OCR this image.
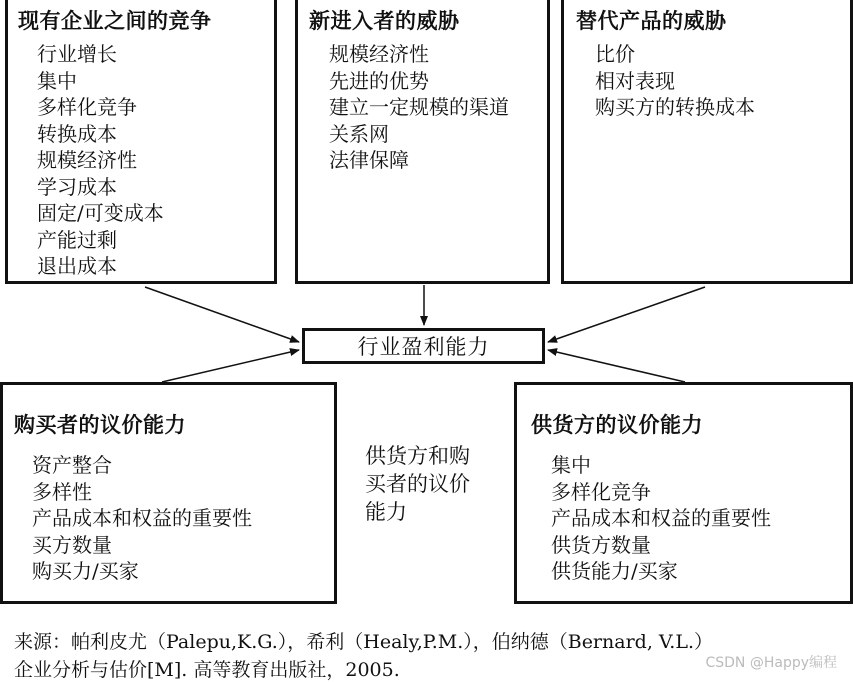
现有企业之间的竞争
行业增长
集中
多样化竞争
转换成本
规模经济性
学习成本
固定/可变成本
产能过剩
退出成本
新进入者的威胁
规模经济性
先进的优势
建立一定规模的渠道
关系网
法律保障
替代产品的威胁
比价
相对表现
购买方的转换成本
行业盈利能力
购买者的议价能力
资产整合
多样性
产品成本和权益的重要性
买方数量
购买力/买家
供货方的议价能力
集中
多样化竞争
产品成本和权益的重要性
供货方数量
供货能力/买家
供货方和购
买者的议价
能力
来源：帕利皮尤（Palepu,K.G.），希利（Healy,P.M.），伯纳德（Bernard, V.L.）
企业分析与估价[M]. 高等教育出版社，2005.	CSDN @Happy编程
